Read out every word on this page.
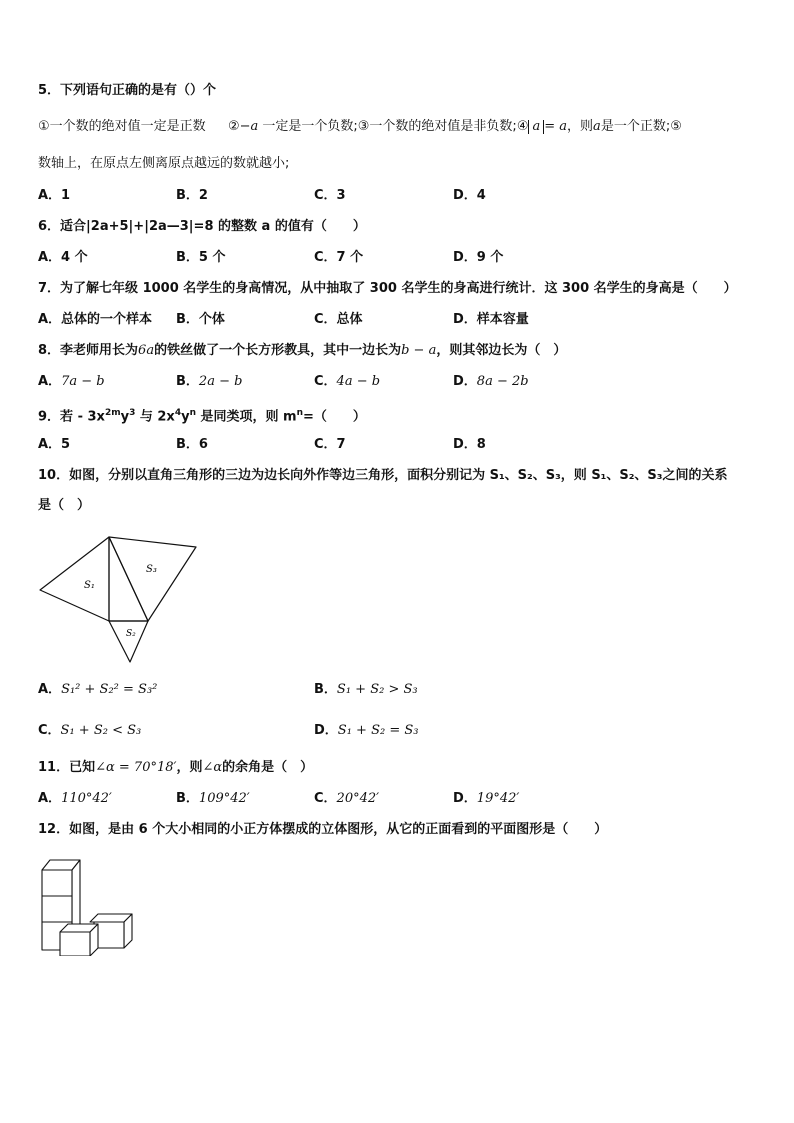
5．下列语句正确的是有（）个
①一个数的绝对值一定是正数 ②−a 一定是一个负数;③一个数的绝对值是非负数;④ a = a，则a是一个正数;⑤
数轴上，在原点左侧离原点越远的数就越小;
A．1	B．2	C．3	D．4
6．适合|2a+5|+|2a—3|=8 的整数 a 的值有（　　）
A．4 个	B．5 个	C．7 个	D．9 个
7．为了解七年级 1000 名学生的身高情况，从中抽取了 300 名学生的身高进行统计．这 300 名学生的身高是（　　）
A．总体的一个样本 B．个体	C．总体	D．样本容量
8．李老师用长为6a的铁丝做了一个长方形教具，其中一边长为b − a，则其邻边长为（　）
A．7a − b	B．2a − b	C．4a − b	D．8a − 2b
9．若 - $3x^{2m}y^3$ 与 $2x^4y^n$ 是同类项，则 $m^n=$（　　）
A．5	B．6	C．7	D．8
10．如图，分别以直角三角形的三边为边长向外作等边三角形，面积分别记为 S₁、S₂、S₃，则 S₁、S₂、S₃之间的关系
是（　）
S₁
S₃
S₂
A．S₁² + S₂² = S₃²	B．S₁ + S₂ > S₃
C．S₁ + S₂ < S₃	D．S₁ + S₂ = S₃
11．已知∠α = 70°18′，则∠α的余角是（　）
A．110°42′	B．109°42′	C．20°42′	D．19°42′
12．如图，是由 6 个大小相同的小正方体摆成的立体图形，从它的正面看到的平面图形是（　　）
